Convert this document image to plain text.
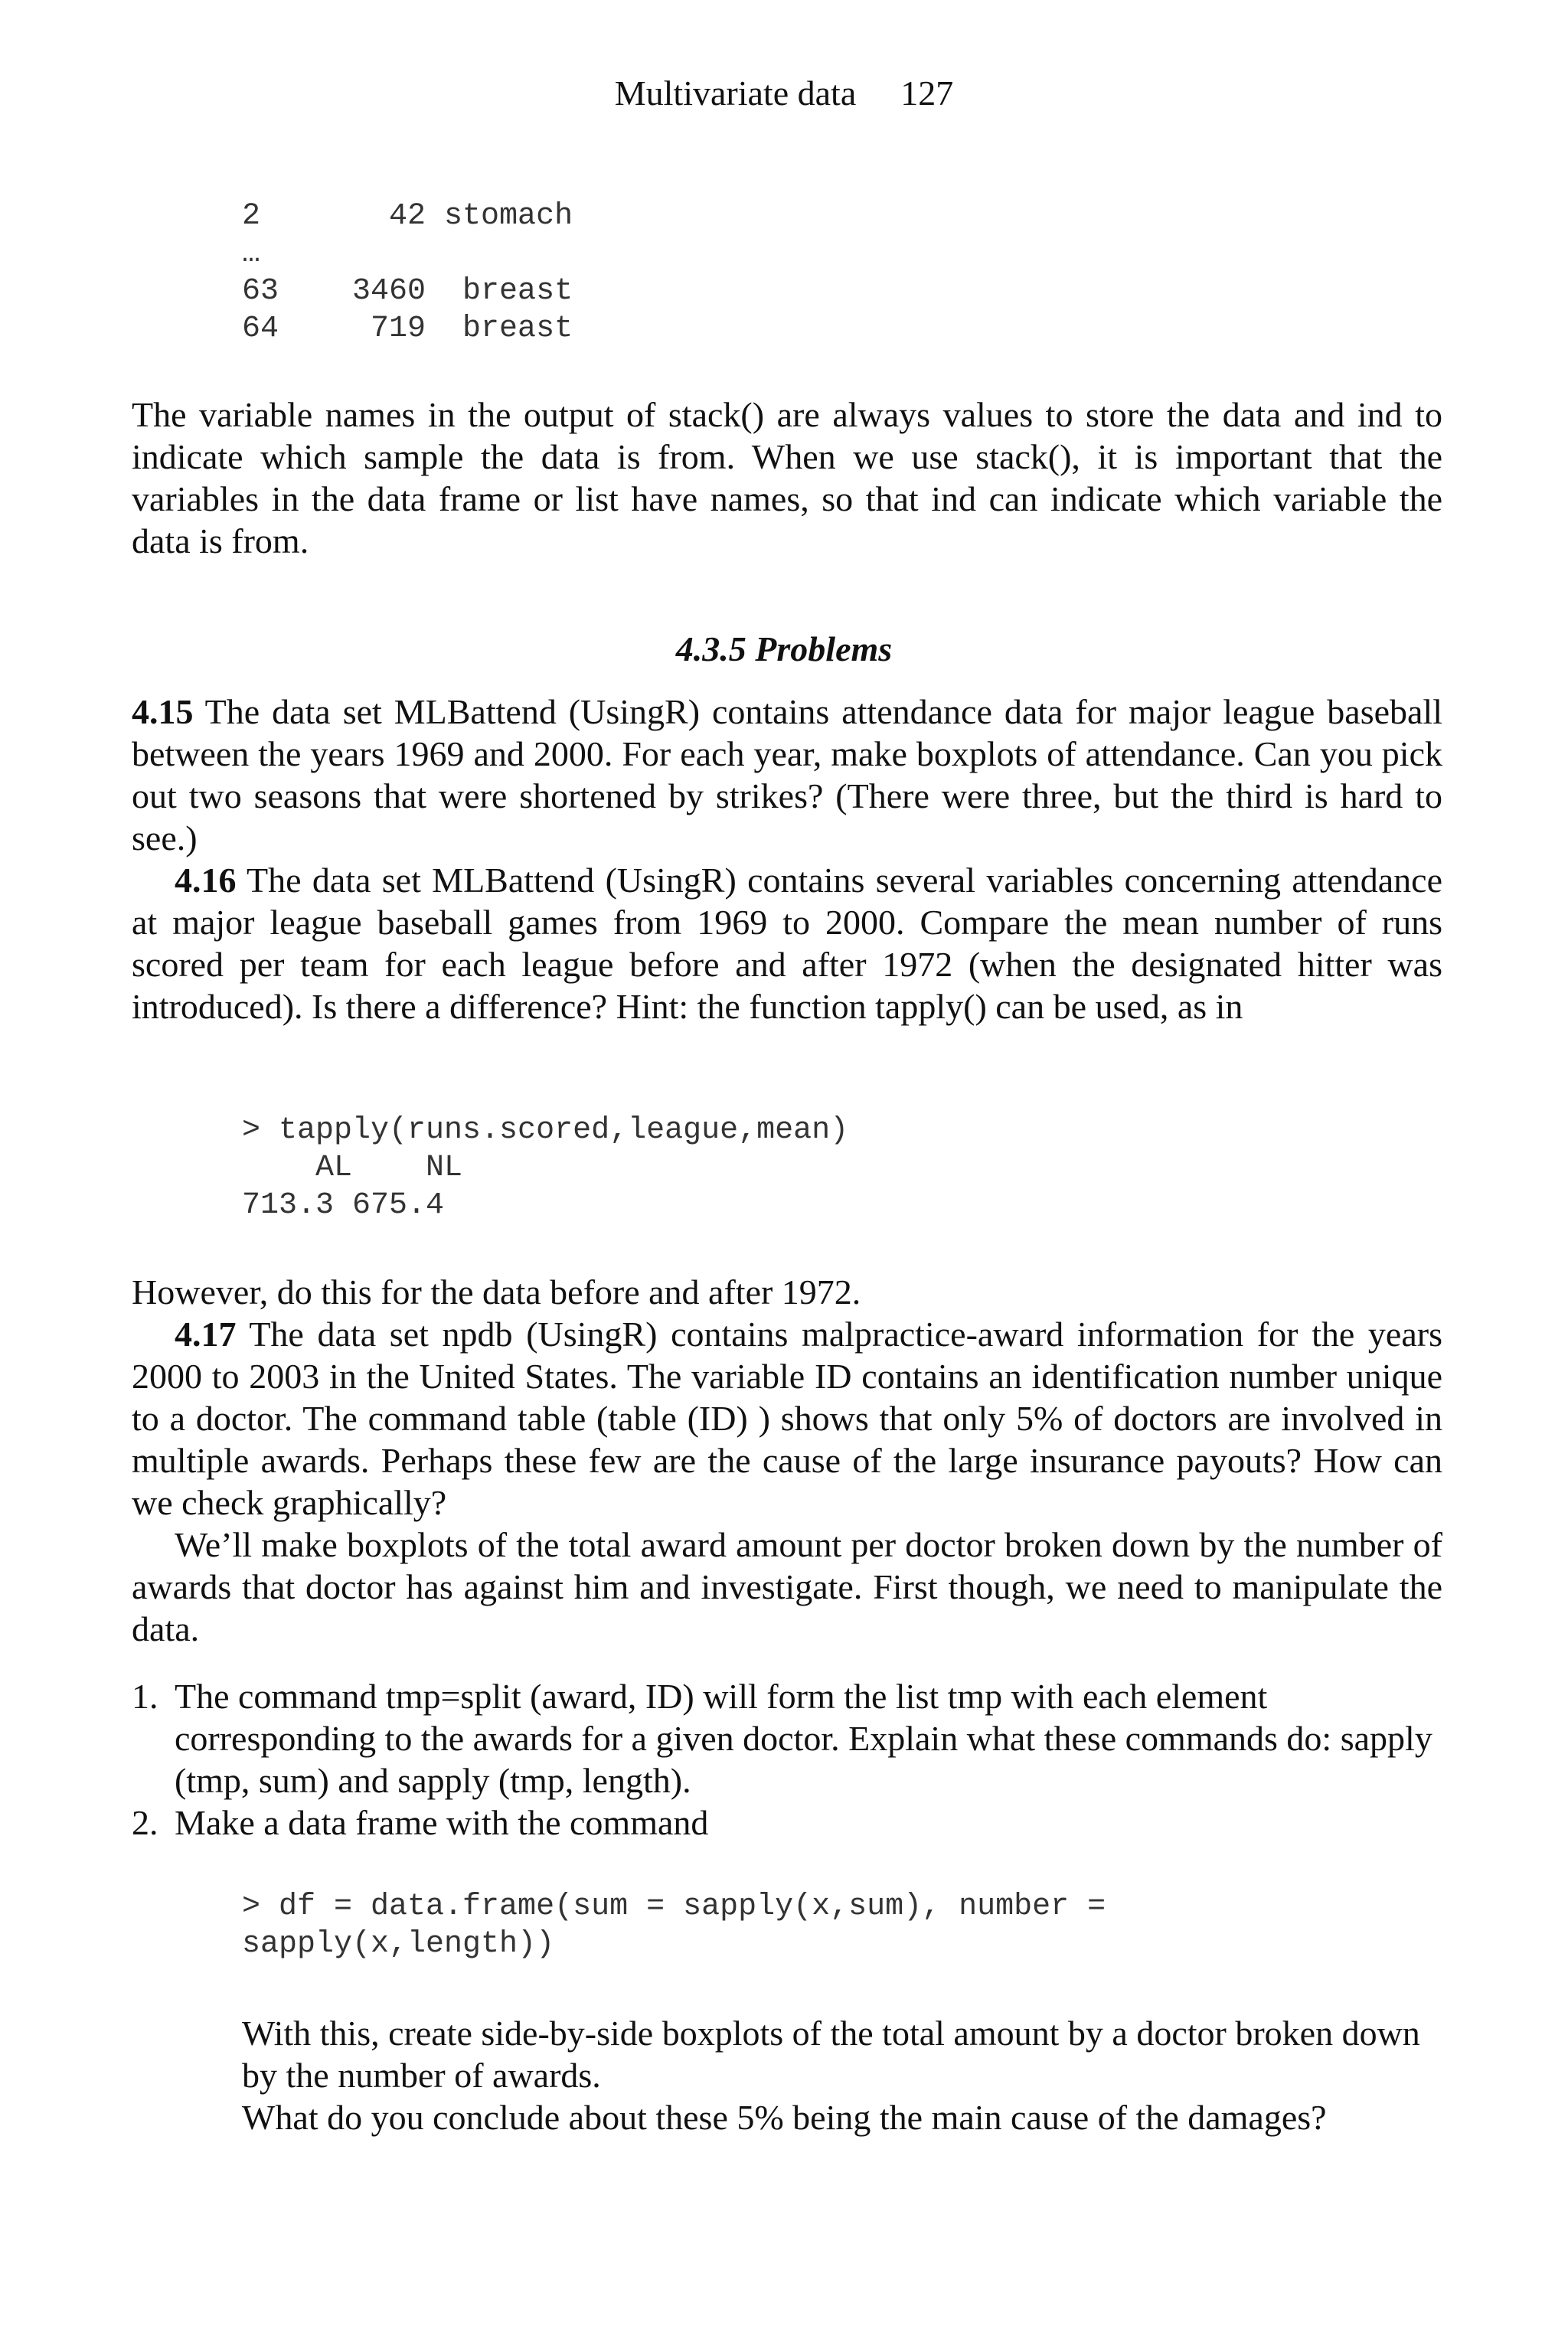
Multivariate data 127
2       42 stomach
…
63    3460  breast
64     719  breast

The variable names in the output of stack() are always values to store the data and ind to indicate which sample the data is from. When we use stack(), it is important that the variables in the data frame or list have names, so that ind can indicate which variable the data is from.

4.3.5 Problems

4.15 The data set MLBattend (UsingR) contains attendance data for major league baseball between the years 1969 and 2000. For each year, make boxplots of attendance. Can you pick out two seasons that were shortened by strikes? (There were three, but the third is hard to see.)

4.16 The data set MLBattend (UsingR) contains several variables concerning attendance at major league baseball games from 1969 to 2000. Compare the mean number of runs scored per team for each league before and after 1972 (when the designated hitter was introduced). Is there a difference? Hint: the function tapply() can be used, as in

> tapply(runs.scored,league,mean)
AL    NL
713.3 675.4

However, do this for the data before and after 1972.

4.17 The data set npdb (UsingR) contains malpractice-award information for the years 2000 to 2003 in the United States. The variable ID contains an identification number unique to a doctor. The command table (table (ID) ) shows that only 5% of doctors are involved in multiple awards. Perhaps these few are the cause of the large insurance payouts? How can we check graphically?

We’ll make boxplots of the total award amount per doctor broken down by the number of awards that doctor has against him and investigate. First though, we need to manipulate the data.

1. The command tmp=split (award, ID) will form the list tmp with each element corresponding to the awards for a given doctor. Explain what these commands do: sapply (tmp, sum) and sapply (tmp, length).
2. Make a data frame with the command
> df = data.frame(sum = sapply(x,sum), number =
sapply(x,length))

With this, create side-by-side boxplots of the total amount by a doctor broken down by the number of awards.

What do you conclude about these 5% being the main cause of the damages?
